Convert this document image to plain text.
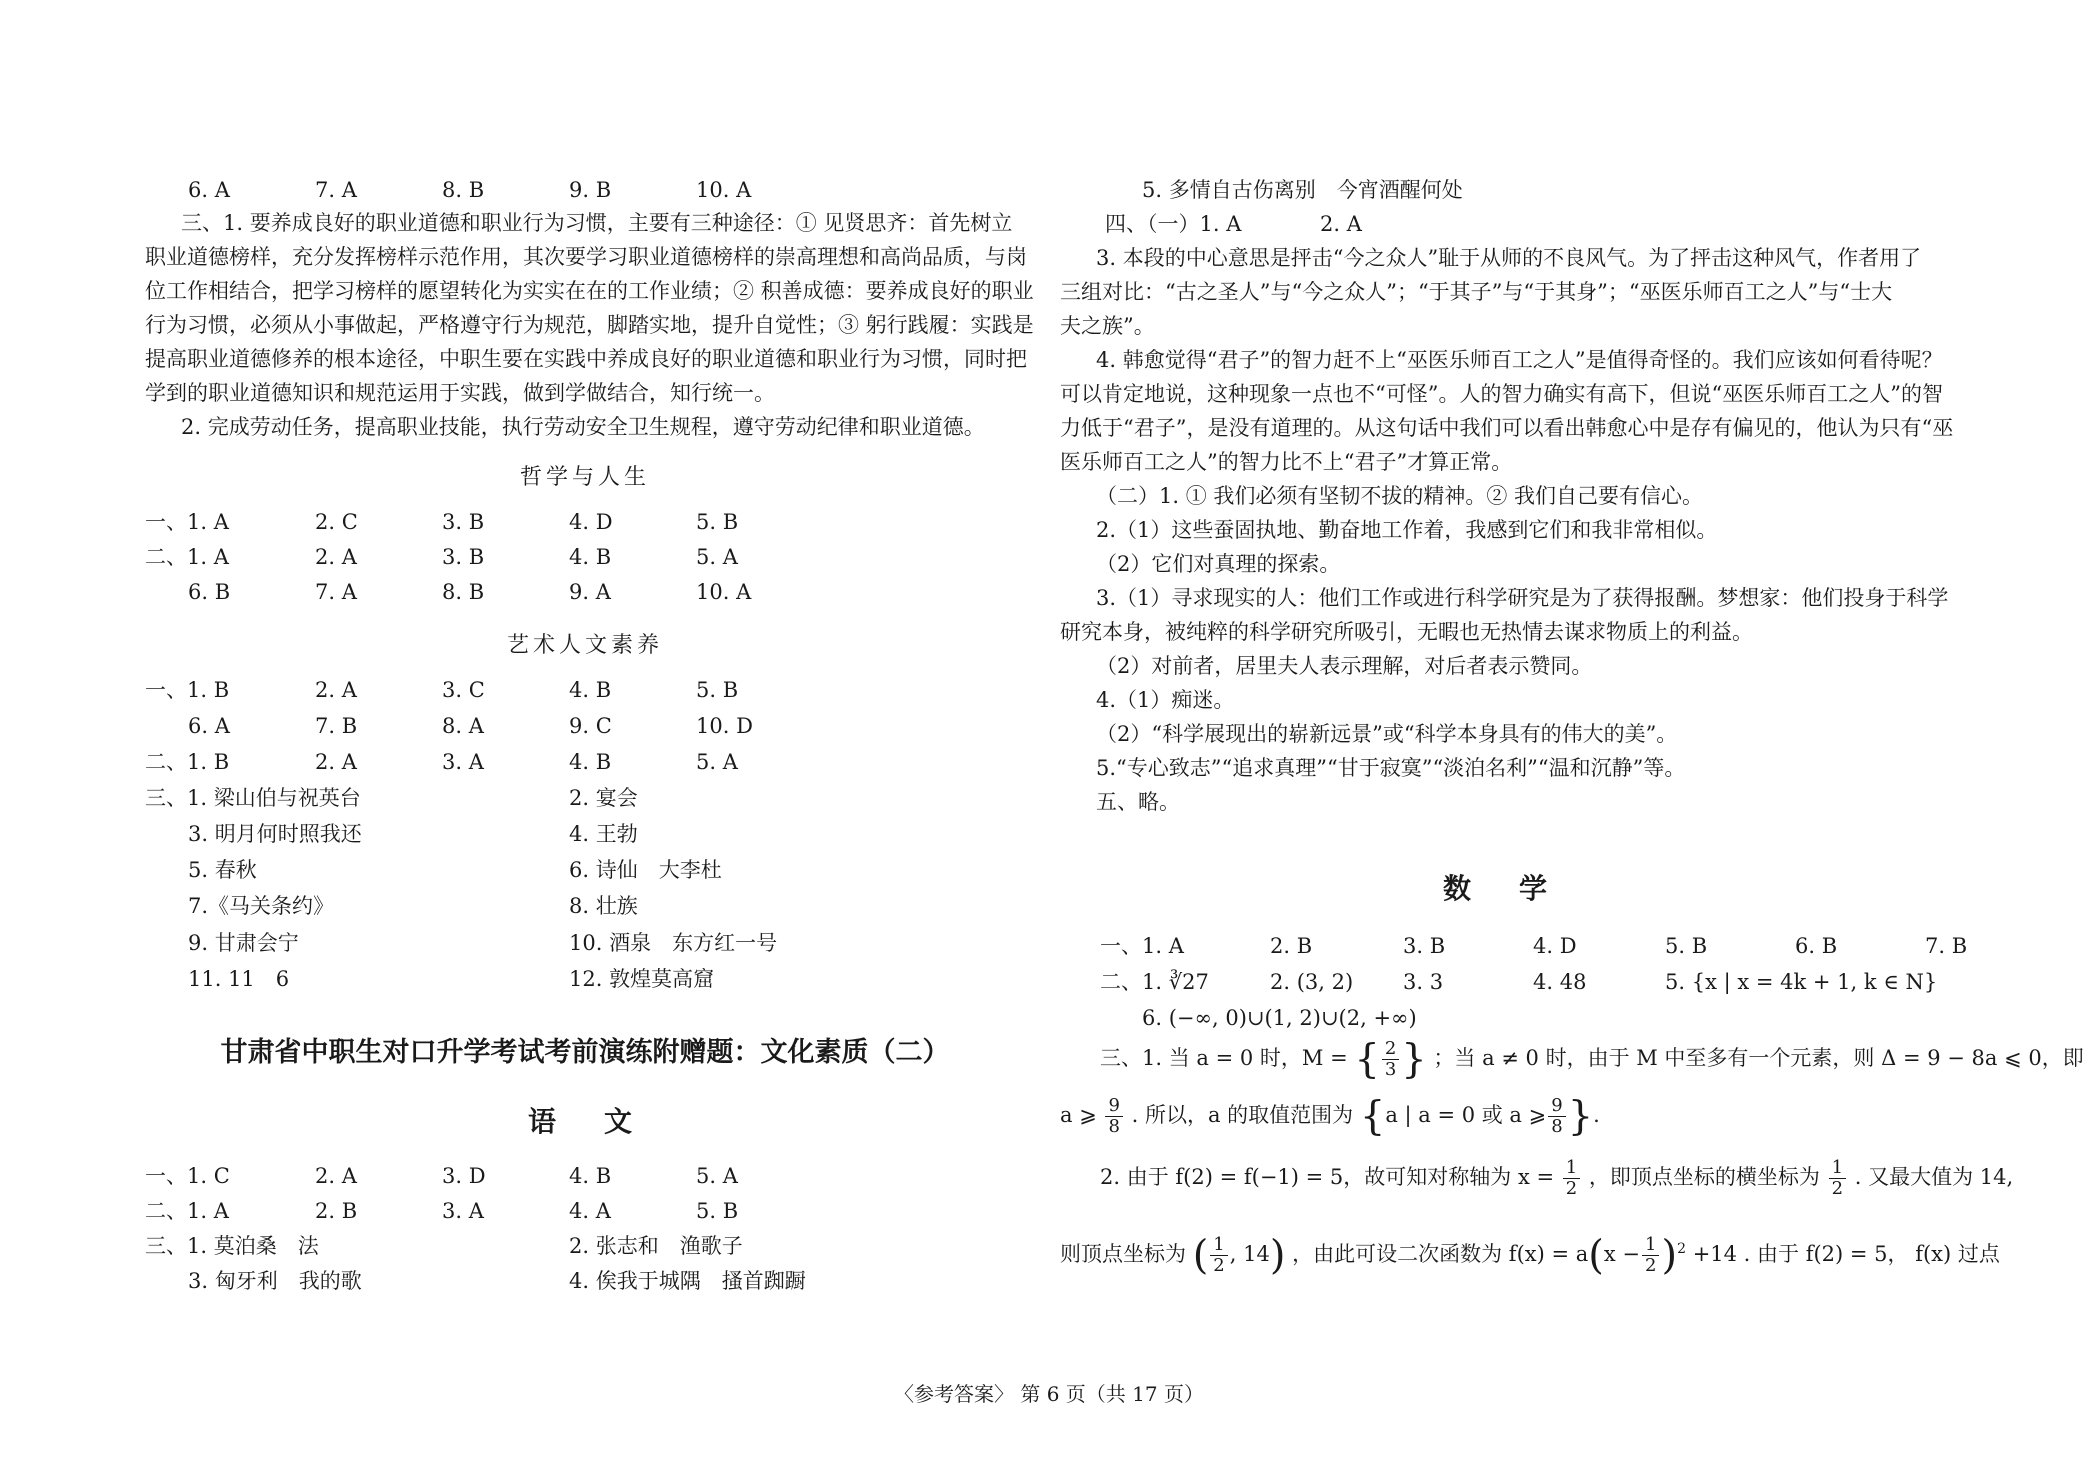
6. A	7. A	8. B	9. B	10. A
三、1. 要养成良好的职业道德和职业行为习惯，主要有三种途径：① 见贤思齐：首先树立
职业道德榜样，充分发挥榜样示范作用，其次要学习职业道德榜样的崇高理想和高尚品质，与岗
位工作相结合，把学习榜样的愿望转化为实实在在的工作业绩；② 积善成德：要养成良好的职业
行为习惯，必须从小事做起，严格遵守行为规范，脚踏实地，提升自觉性；③ 躬行践履：实践是
提高职业道德修养的根本途径，中职生要在实践中养成良好的职业道德和职业行为习惯，同时把
学到的职业道德知识和规范运用于实践，做到学做结合，知行统一。
2. 完成劳动任务，提高职业技能，执行劳动安全卫生规程，遵守劳动纪律和职业道德。
哲学与人生
一、1. A	2. C	3. B	4. D	5. B
二、1. A	2. A	3. B	4. B	5. A
6. B	7. A	8. B	9. A	10. A
艺术人文素养
一、1. B	2. A	3. C	4. B	5. B
6. A	7. B	8. A	9. C	10. D
二、1. B	2. A	3. A	4. B	5. A
三、1. 梁山伯与祝英台	2. 宴会
3. 明月何时照我还	4. 王勃
5. 春秋	6. 诗仙　大李杜
7.《马关条约》	8. 壮族
9. 甘肃会宁	10. 酒泉　东方红一号
11. 11　6	12. 敦煌莫高窟
甘肃省中职生对口升学考试考前演练附赠题：文化素质（二）
语　文
一、1. C	2. A	3. D	4. B	5. A
二、1. A	2. B	3. A	4. A	5. B
三、1. 莫泊桑　法	2. 张志和　渔歌子
3. 匈牙利　我的歌	4. 俟我于城隅　搔首踟蹰
5. 多情自古伤离别　今宵酒醒何处
四、（一）1. A	2. A
3. 本段的中心意思是抨击“今之众人”耻于从师的不良风气。为了抨击这种风气，作者用了
三组对比：“古之圣人”与“今之众人”；“于其子”与“于其身”；“巫医乐师百工之人”与“士大
夫之族”。
4. 韩愈觉得“君子”的智力赶不上“巫医乐师百工之人”是值得奇怪的。我们应该如何看待呢？
可以肯定地说，这种现象一点也不“可怪”。人的智力确实有高下，但说“巫医乐师百工之人”的智
力低于“君子”，是没有道理的。从这句话中我们可以看出韩愈心中是存有偏见的，他认为只有“巫
医乐师百工之人”的智力比不上“君子”才算正常。
（二）1. ① 我们必须有坚韧不拔的精神。② 我们自己要有信心。
2.（1）这些蚕固执地、勤奋地工作着，我感到它们和我非常相似。
（2）它们对真理的探索。
3.（1）寻求现实的人：他们工作或进行科学研究是为了获得报酬。梦想家：他们投身于科学
研究本身，被纯粹的科学研究所吸引，无暇也无热情去谋求物质上的利益。
（2）对前者，居里夫人表示理解，对后者表示赞同。
4.（1）痴迷。
（2）“科学展现出的崭新远景”或“科学本身具有的伟大的美”。
5.“专心致志”“追求真理”“甘于寂寞”“淡泊名利”“温和沉静”等。
五、略。
数　学
一、1. A	2. B	3. B	4. D	5. B	6. B	7. B
二、1. ∛27	2. (3, 2) 3. 3	4. 48	5. {x | x = 4k + 1, k ∈ N}
6. (−∞, 0)∪(1, 2)∪(2, +∞)
三、1. 当 a = 0 时，M = { $\frac{2}{3}$ } ；当 a ≠ 0 时，由于 M 中至多有一个元素，则 Δ = 9 − 8a ⩽ 0，即
a ⩾ $\frac{9}{8}$ . 所以，a 的取值范围为 {a | a = 0 或 a ⩾ $\frac{9}{8}$ }.
2. 由于 f(2) = f(−1) = 5，故可知对称轴为 $x = \frac{1}{2}$ ，即顶点坐标的横坐标为 $\frac{1}{2}$ . 又最大值为 14,
则顶点坐标为 ( $\frac{1}{2}$ , 14) ，由此可设二次函数为 $f(x) = a(x - \frac{1}{2} )^2 +14$ . 由于 f(2) = 5， f(x) 过点
〈参考答案〉 第 6 页（共 17 页）
